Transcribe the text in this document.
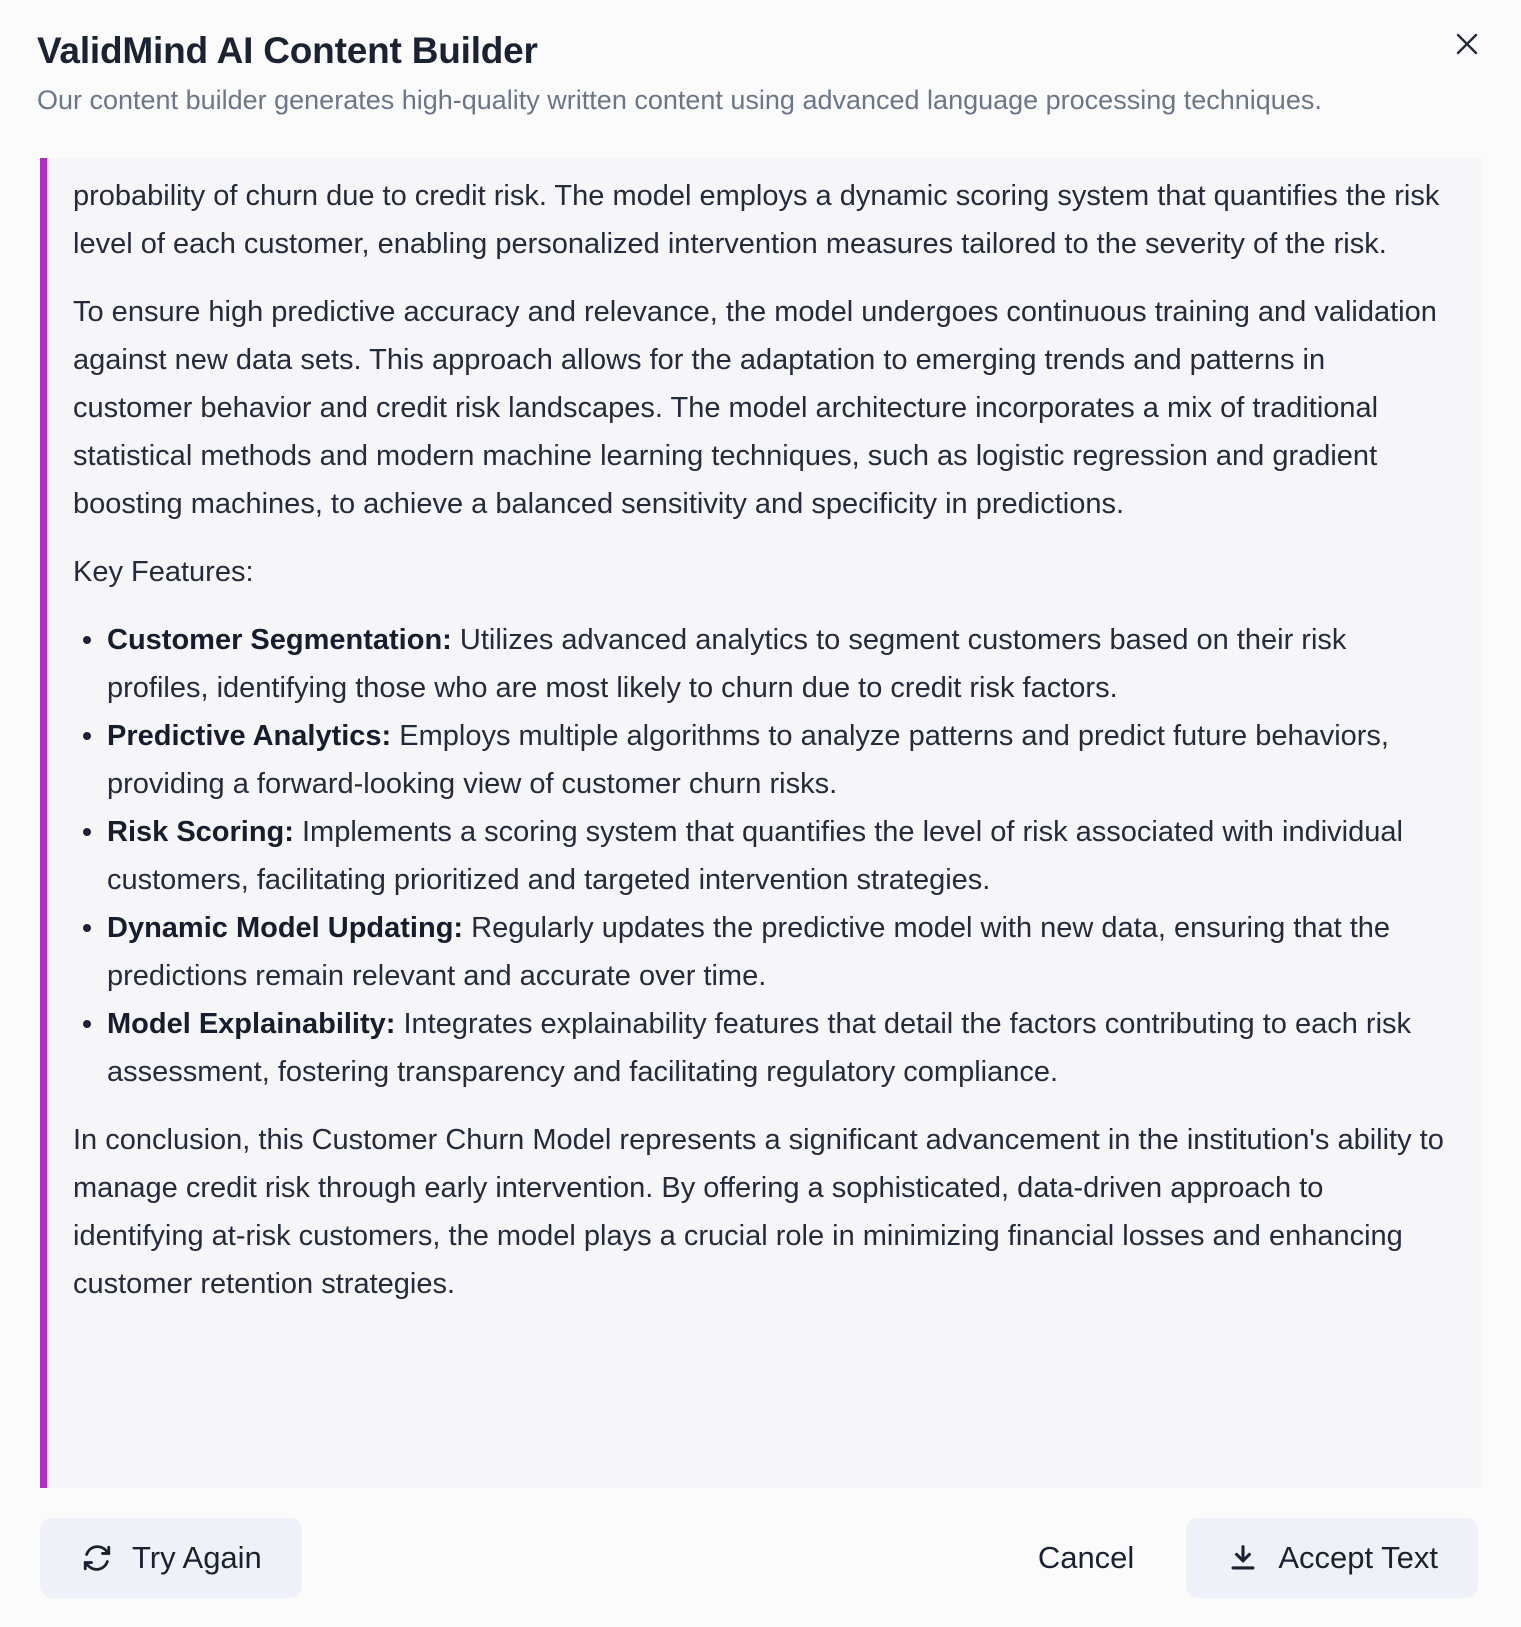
ValidMind AI Content Builder

Our content builder generates high-quality written content using advanced language processing techniques.

probability of churn due to credit risk. The model employs a dynamic scoring system that quantifies the risk level of each customer, enabling personalized intervention measures tailored to the severity of the risk.

To ensure high predictive accuracy and relevance, the model undergoes continuous training and validation against new data sets. This approach allows for the adaptation to emerging trends and patterns in customer behavior and credit risk landscapes. The model architecture incorporates a mix of traditional statistical methods and modern machine learning techniques, such as logistic regression and gradient boosting machines, to achieve a balanced sensitivity and specificity in predictions.

Key Features:

Customer Segmentation: Utilizes advanced analytics to segment customers based on their risk profiles, identifying those who are most likely to churn due to credit risk factors.
Predictive Analytics: Employs multiple algorithms to analyze patterns and predict future behaviors, providing a forward-looking view of customer churn risks.
Risk Scoring: Implements a scoring system that quantifies the level of risk associated with individual customers, facilitating prioritized and targeted intervention strategies.
Dynamic Model Updating: Regularly updates the predictive model with new data, ensuring that the predictions remain relevant and accurate over time.
Model Explainability: Integrates explainability features that detail the factors contributing to each risk assessment, fostering transparency and facilitating regulatory compliance.

In conclusion, this Customer Churn Model represents a significant advancement in the institution's ability to manage credit risk through early intervention. By offering a sophisticated, data-driven approach to identifying at-risk customers, the model plays a crucial role in minimizing financial losses and enhancing customer retention strategies.

Try Again	Cancel	Accept Text
